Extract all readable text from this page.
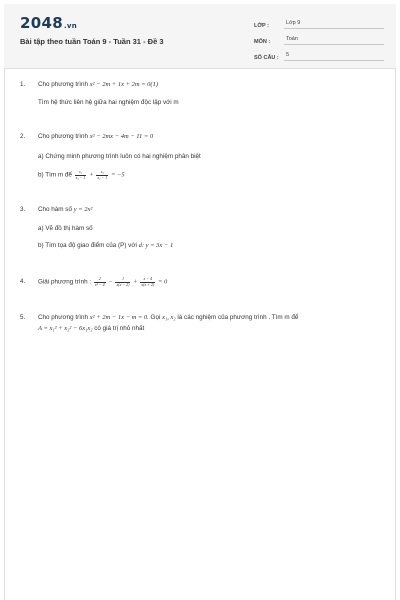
2048.vn
Bài tập theo tuần Toán 9 - Tuần 31 - Đề 3
LỚP :	Lớp 9
MÔN :	Toán
SỐ CÂU :	5
1. Cho phương trình x² − 2m + 1x + 2m = 0(1)
Tìm hệ thức liên hệ giữa hai nghiệm độc lập với m
2. Cho phương trình x² − 2mx − 4m − 11 = 0
a) Chứng minh phương trình luôn có hai nghiệm phân biệt
b) Tìm m để $\frac{\text{x₁}}{\text{x₂ − 1}} + \frac{\text{x₂}}{\text{x₁ − 1}} = -5$
3. Cho hàm số y = 2x²
a) Vẽ đồ thị hàm số
b) Tìm tọa độ giao điểm của (P) với d: y = 3x − 1
4. Giải phương trình : $\frac{2}{\text{x² − 4}} - \frac{1}{x(x - 2)} + \frac{x - 4}{x(x + 2)} = 0$
5. Cho phương trình x² + 2m − 1x − m = 0. Gọi x₁, x₂ là các nghiệm của phương trình . Tìm m để
A = x₁² + x₂² − 6x₁x₂ có giá trị nhỏ nhất
